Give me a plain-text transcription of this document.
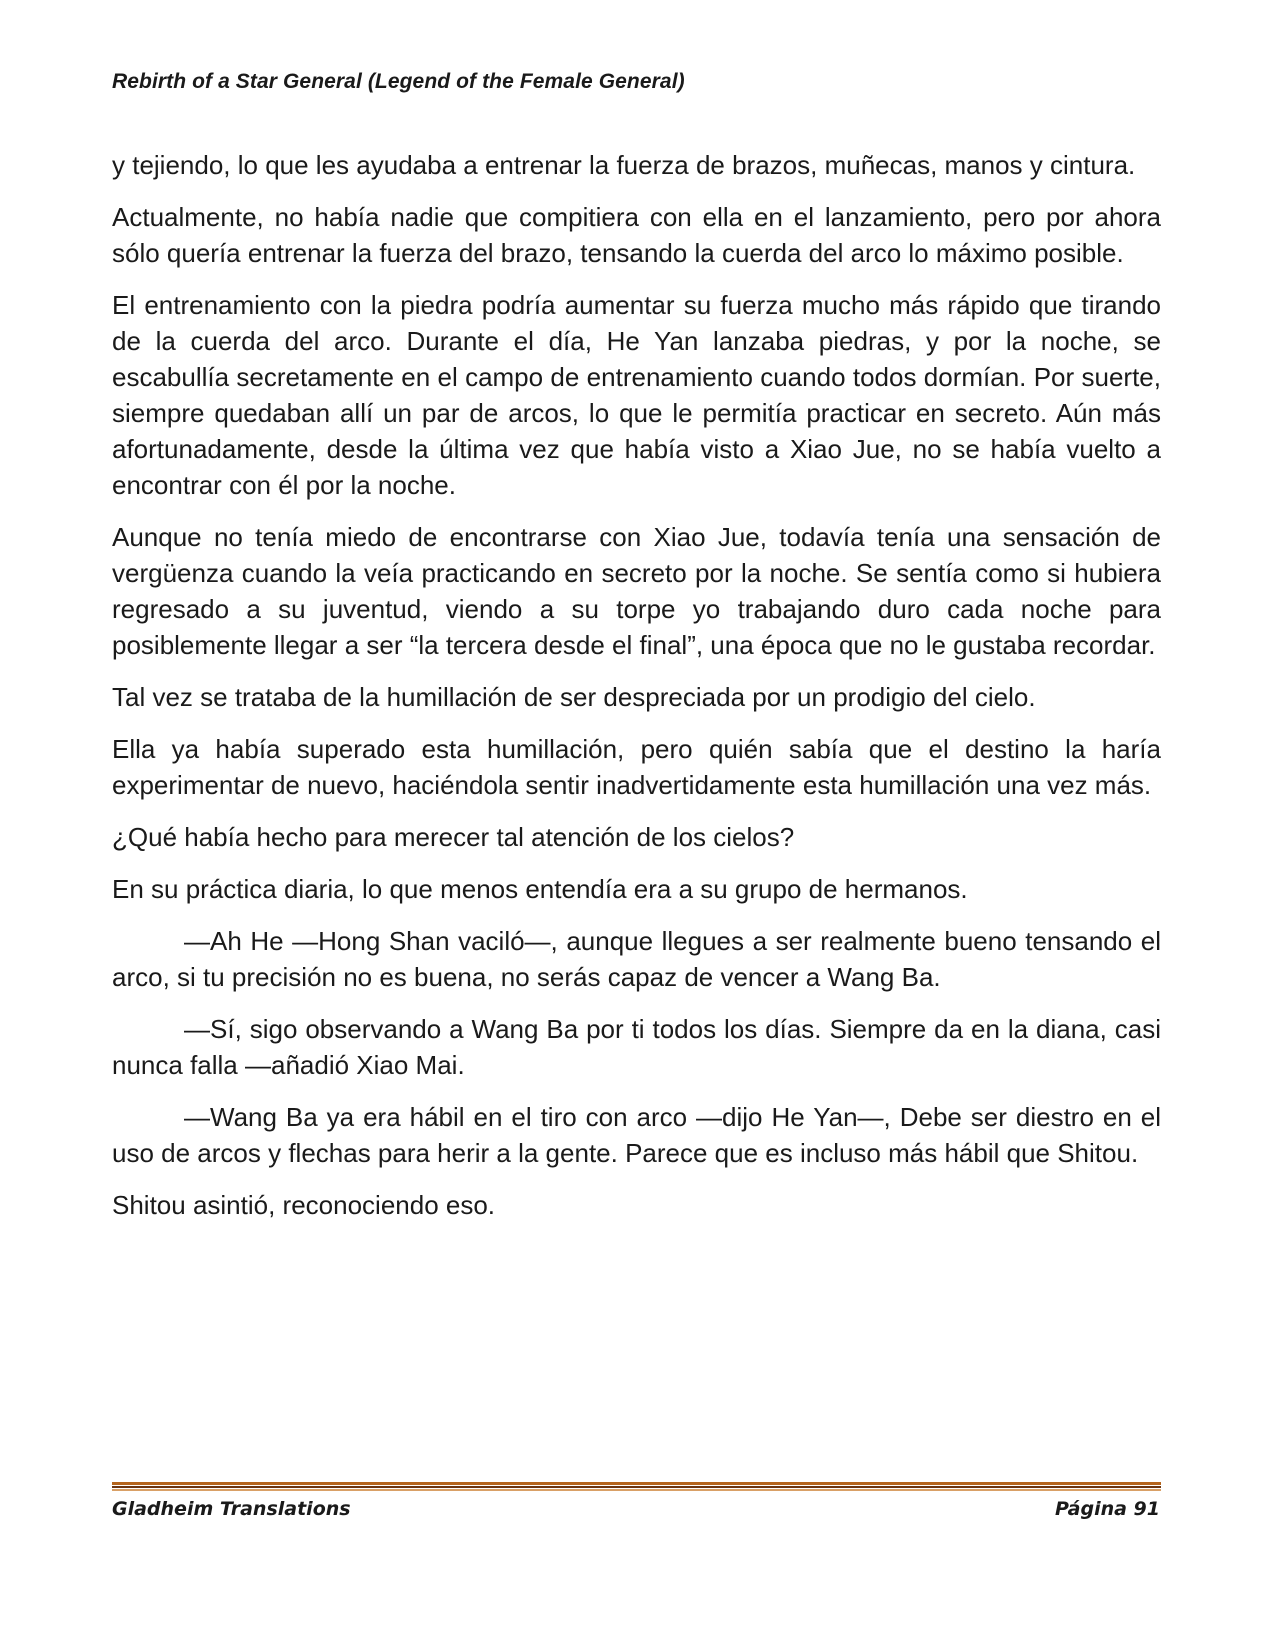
Rebirth of a Star General (Legend of the Female General)

y tejiendo, lo que les ayudaba a entrenar la fuerza de brazos, muñecas, manos y cintura.

Actualmente, no había nadie que compitiera con ella en el lanzamiento, pero por ahora sólo quería entrenar la fuerza del brazo, tensando la cuerda del arco lo máximo posible.

El entrenamiento con la piedra podría aumentar su fuerza mucho más rápido que tirando de la cuerda del arco. Durante el día, He Yan lanzaba piedras, y por la noche, se escabullía secretamente en el campo de entrenamiento cuando todos dormían. Por suerte, siempre quedaban allí un par de arcos, lo que le permitía practicar en secreto. Aún más afortunadamente, desde la última vez que había visto a Xiao Jue, no se había vuelto a encontrar con él por la noche.

Aunque no tenía miedo de encontrarse con Xiao Jue, todavía tenía una sensación de vergüenza cuando la veía practicando en secreto por la noche. Se sentía como si hubiera regresado a su juventud, viendo a su torpe yo trabajando duro cada noche para posiblemente llegar a ser “la tercera desde el final”, una época que no le gustaba recordar.

Tal vez se trataba de la humillación de ser despreciada por un prodigio del cielo.

Ella ya había superado esta humillación, pero quién sabía que el destino la haría experimentar de nuevo, haciéndola sentir inadvertidamente esta humillación una vez más.

¿Qué había hecho para merecer tal atención de los cielos?

En su práctica diaria, lo que menos entendía era a su grupo de hermanos.

—Ah He —Hong Shan vaciló—, aunque llegues a ser realmente bueno tensando el arco, si tu precisión no es buena, no serás capaz de vencer a Wang Ba.

—Sí, sigo observando a Wang Ba por ti todos los días. Siempre da en la diana, casi nunca falla —añadió Xiao Mai.

—Wang Ba ya era hábil en el tiro con arco —dijo He Yan—, Debe ser diestro en el uso de arcos y flechas para herir a la gente. Parece que es incluso más hábil que Shitou.

Shitou asintió, reconociendo eso.

Gladheim Translations	Página 91
